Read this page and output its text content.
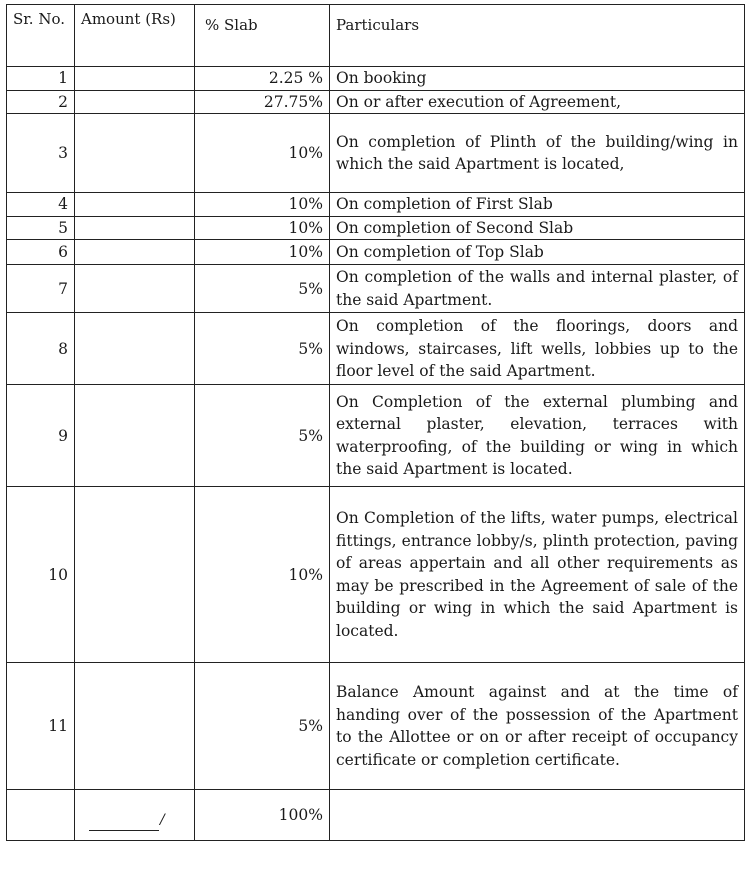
Sr. No.	Amount (Rs)	% Slab	Particulars
1		2.25 %	On booking
2		27.75%	On or after execution of Agreement,
3		10%	On completion of Plinth of the building/wing in which the said Apartment is located,
4		10%	On completion of First Slab
5		10%	On completion of Second Slab
6		10%	On completion of Top Slab
7		5%	On completion of the walls and internal plaster, of the said Apartment.
8		5%	On completion of the floorings, doors and windows, staircases, lift wells, lobbies up to the floor level of the said Apartment.
9		5%	On Completion of the external plumbing and external plaster, elevation, terraces with waterproofing, of the building or wing in which the said Apartment is located.
10		10%	On Completion of the lifts, water pumps, electrical fittings, entrance lobby/s, plinth protection, paving of areas appertain and all other requirements as may be prescribed in the Agreement of sale of the building or wing in which the said Apartment is located.
11		5%	Balance Amount against and at the time of handing over of the possession of the Apartment to the Allottee or on or after receipt of occupancy certificate or completion certificate.
	/	100%	
